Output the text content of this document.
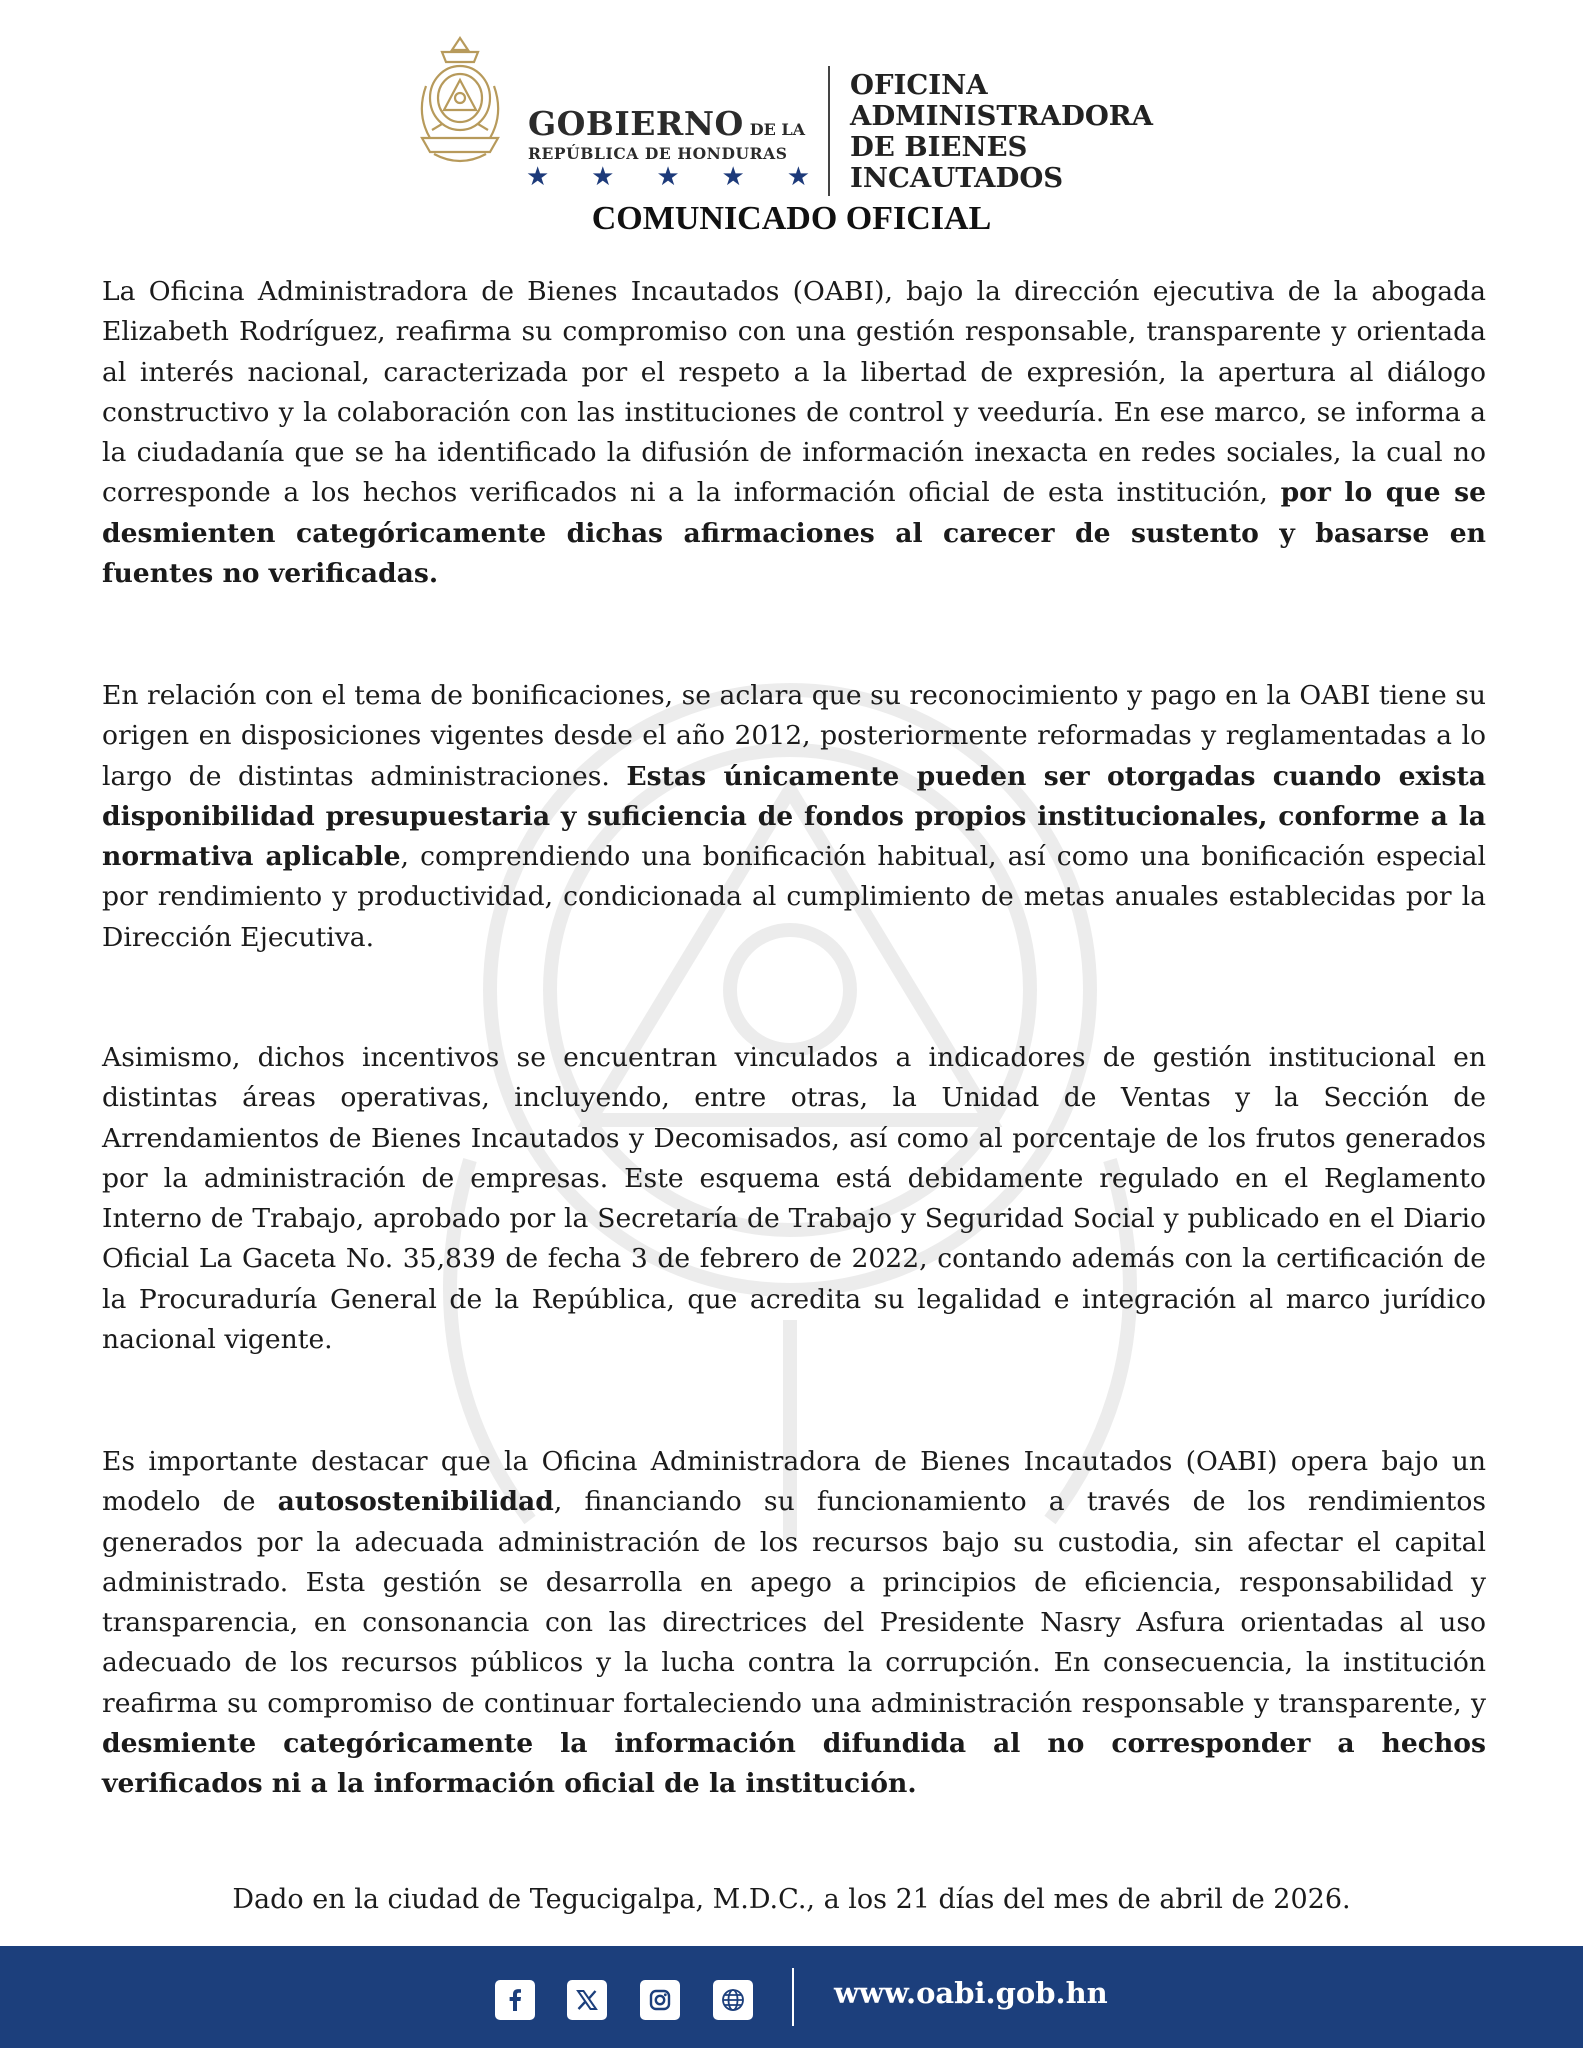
GOBIERNO DE LA
REPÚBLICA DE HONDURAS
★ ★ ★ ★ ★
OFICINA
ADMINISTRADORA
DE BIENES
INCAUTADOS
COMUNICADO OFICIAL
La Oficina Administradora de Bienes Incautados (OABI), bajo la dirección ejecutiva de la abogada Elizabeth Rodríguez, reafirma su compromiso con una gestión responsable, transparente y orientada al interés nacional, caracterizada por el respeto a la libertad de expresión, la apertura al diálogo constructivo y la colaboración con las instituciones de control y veeduría. En ese marco, se informa a la ciudadanía que se ha identificado la difusión de información inexacta en redes sociales, la cual no corresponde a los hechos verificados ni a la información oficial de esta institución, por lo que se desmienten categóricamente dichas afirmaciones al carecer de sustento y basarse en fuentes no verificadas.
En relación con el tema de bonificaciones, se aclara que su reconocimiento y pago en la OABI tiene su origen en disposiciones vigentes desde el año 2012, posteriormente reformadas y reglamentadas a lo largo de distintas administraciones. Estas únicamente pueden ser otorgadas cuando exista disponibilidad presupuestaria y suficiencia de fondos propios institucionales, conforme a la normativa aplicable, comprendiendo una bonificación habitual, así como una bonificación especial por rendimiento y productividad, condicionada al cumplimiento de metas anuales establecidas por la Dirección Ejecutiva.
Asimismo, dichos incentivos se encuentran vinculados a indicadores de gestión institucional en distintas áreas operativas, incluyendo, entre otras, la Unidad de Ventas y la Sección de Arrendamientos de Bienes Incautados y Decomisados, así como al porcentaje de los frutos generados por la administración de empresas. Este esquema está debidamente regulado en el Reglamento Interno de Trabajo, aprobado por la Secretaría de Trabajo y Seguridad Social y publicado en el Diario Oficial La Gaceta No. 35,839 de fecha 3 de febrero de 2022, contando además con la certificación de la Procuraduría General de la República, que acredita su legalidad e integración al marco jurídico nacional vigente.
Es importante destacar que la Oficina Administradora de Bienes Incautados (OABI) opera bajo un modelo de autosostenibilidad, financiando su funcionamiento a través de los rendimientos generados por la adecuada administración de los recursos bajo su custodia, sin afectar el capital administrado. Esta gestión se desarrolla en apego a principios de eficiencia, responsabilidad y transparencia, en consonancia con las directrices del Presidente Nasry Asfura orientadas al uso adecuado de los recursos públicos y la lucha contra la corrupción. En consecuencia, la institución reafirma su compromiso de continuar fortaleciendo una administración responsable y transparente, y desmiente categóricamente la información difundida al no corresponder a hechos verificados ni a la información oficial de la institución.
Dado en la ciudad de Tegucigalpa, M.D.C., a los 21 días del mes de abril de 2026.
www.oabi.gob.hn
